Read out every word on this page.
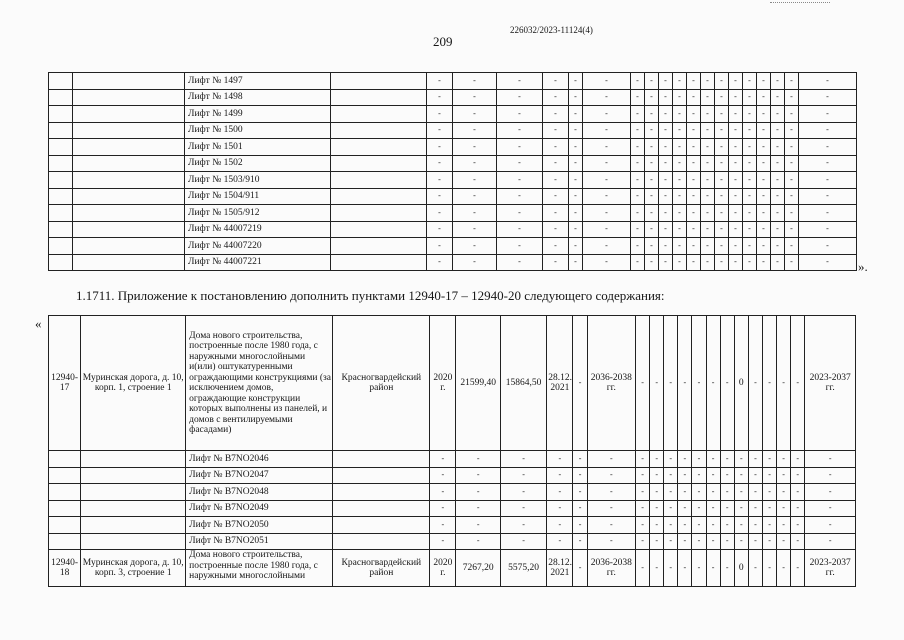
226032/2023-11124(4)
209
		Лифт № 1497		-	-	-	-	-	-	-	-	-	-	-	-	-	-	-	-	-	-	-
		Лифт № 1498		-	-	-	-	-	-	-	-	-	-	-	-	-	-	-	-	-	-	-
		Лифт № 1499		-	-	-	-	-	-	-	-	-	-	-	-	-	-	-	-	-	-	-
		Лифт № 1500		-	-	-	-	-	-	-	-	-	-	-	-	-	-	-	-	-	-	-
		Лифт № 1501		-	-	-	-	-	-	-	-	-	-	-	-	-	-	-	-	-	-	-
		Лифт № 1502		-	-	-	-	-	-	-	-	-	-	-	-	-	-	-	-	-	-	-
		Лифт № 1503/910		-	-	-	-	-	-	-	-	-	-	-	-	-	-	-	-	-	-	-
		Лифт № 1504/911		-	-	-	-	-	-	-	-	-	-	-	-	-	-	-	-	-	-	-
		Лифт № 1505/912		-	-	-	-	-	-	-	-	-	-	-	-	-	-	-	-	-	-	-
		Лифт № 44007219		-	-	-	-	-	-	-	-	-	-	-	-	-	-	-	-	-	-	-
		Лифт № 44007220		-	-	-	-	-	-	-	-	-	-	-	-	-	-	-	-	-	-	-
		Лифт № 44007221		-	-	-	-	-	-	-	-	-	-	-	-	-	-	-	-	-	-	- ».
1.1711. Приложение к постановлению дополнить пунктами 12940-17 – 12940-20 следующего содержания:
«
12940-17	Муринская дорога, д. 10, корп. 1, строение 1	Дома нового строительства, построенные после 1980 года, с наружными многослойными и(или) оштукатуренными ограждающими конструкциями (за исключением домов, ограждающие конструкции которых выполнены из панелей, и домов с вентилируемыми фасадами)	Красногвардейский район	2020 г.	21599,40	15864,50	28.12. 2021	-	2036-2038 гг.	-	-	-	-	-	-	-	0	-	-	-	-	2023-2037 гг.
		Лифт № В7NO2046		-	-	-	-	-	-	-	-	-	-	-	-	-	-	-	-	-	-	-
		Лифт № В7NO2047		-	-	-	-	-	-	-	-	-	-	-	-	-	-	-	-	-	-	-
		Лифт № В7NO2048		-	-	-	-	-	-	-	-	-	-	-	-	-	-	-	-	-	-	-
		Лифт № В7NO2049		-	-	-	-	-	-	-	-	-	-	-	-	-	-	-	-	-	-	-
		Лифт № В7NO2050		-	-	-	-	-	-	-	-	-	-	-	-	-	-	-	-	-	-	-
		Лифт № В7NO2051		-	-	-	-	-	-	-	-	-	-	-	-	-	-	-	-	-	-	-
12940-18	Муринская дорога, д. 10, корп. 3, строение 1	Дома нового строительства, построенные после 1980 года, с наружными многослойными	Красногвардейский район	2020 г.	7267,20	5575,20	28.12. 2021	-	2036-2038 гг.	-	-	-	-	-	-	-	0	-	-	-	-	2023-2037 гг.
